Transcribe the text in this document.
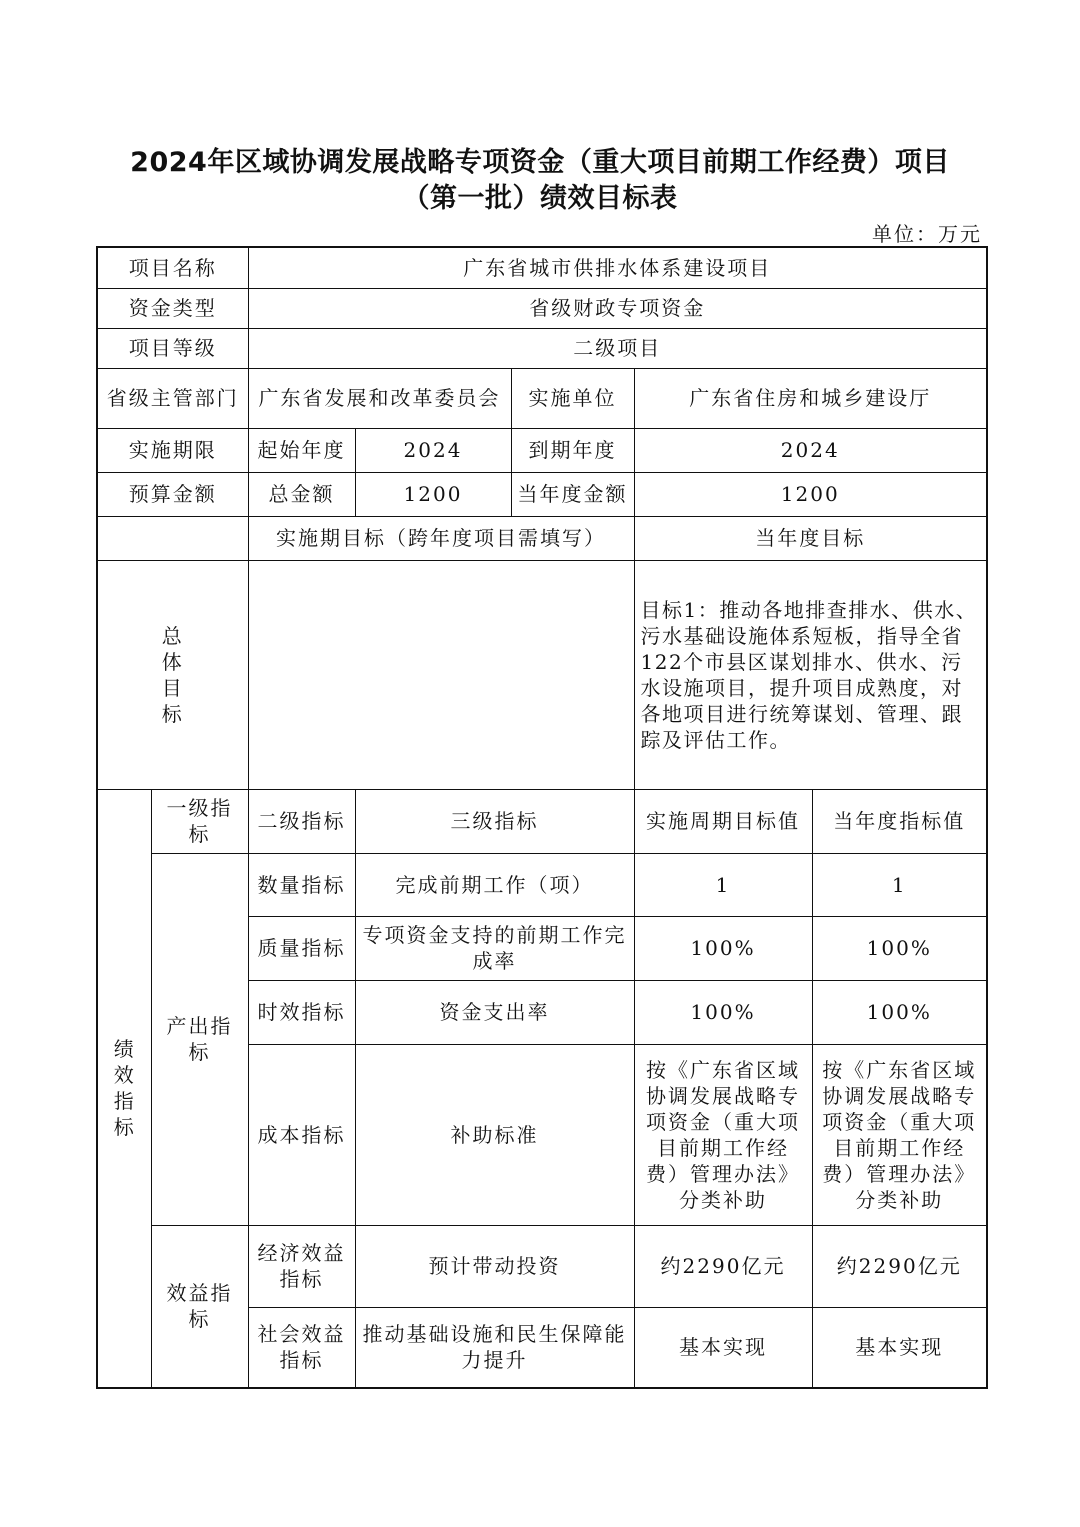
2024年区域协调发展战略专项资金（重大项目前期工作经费）项目
（第一批）绩效目标表
单位：万元
项目名称		广东省城市供排水体系建设项目				
资金类型		省级财政专项资金				
项目等级		二级项目				
省级主管部门		广东省发展和改革委员会		实施单位	广东省住房和城乡建设厅	
实施期限		起始年度	2024	到期年度	2024	
预算金额		总金额	1200	当年度金额	1200	
		实施期目标（跨年度项目需填写）			当年度目标	

总
体
目
标					目标1：推动各地排查排水、供水、污水基础设施体系短板，指导全省122个市县区谋划排水、供水、污水设施项目，提升项目成熟度，对各地项目进行统筹谋划、管理、跟踪及评估工作。	

绩效指标	一级指标	二级指标	三级指标		实施周期目标值	当年度指标值
	产出指标	数量指标	完成前期工作（项）		1	1
		质量指标	专项资金支持的前期工作完成率		100%	100%
		时效指标	资金支出率		100%	100%
		成本指标	补助标准		按《广东省区域协调发展战略专项资金（重大项目前期工作经费）管理办法》分类补助	按《广东省区域协调发展战略专项资金（重大项目前期工作经费）管理办法》分类补助
	效益指标	经济效益指标	预计带动投资		约2290亿元	约2290亿元
		社会效益指标	推动基础设施和民生保障能力提升		基本实现	基本实现
